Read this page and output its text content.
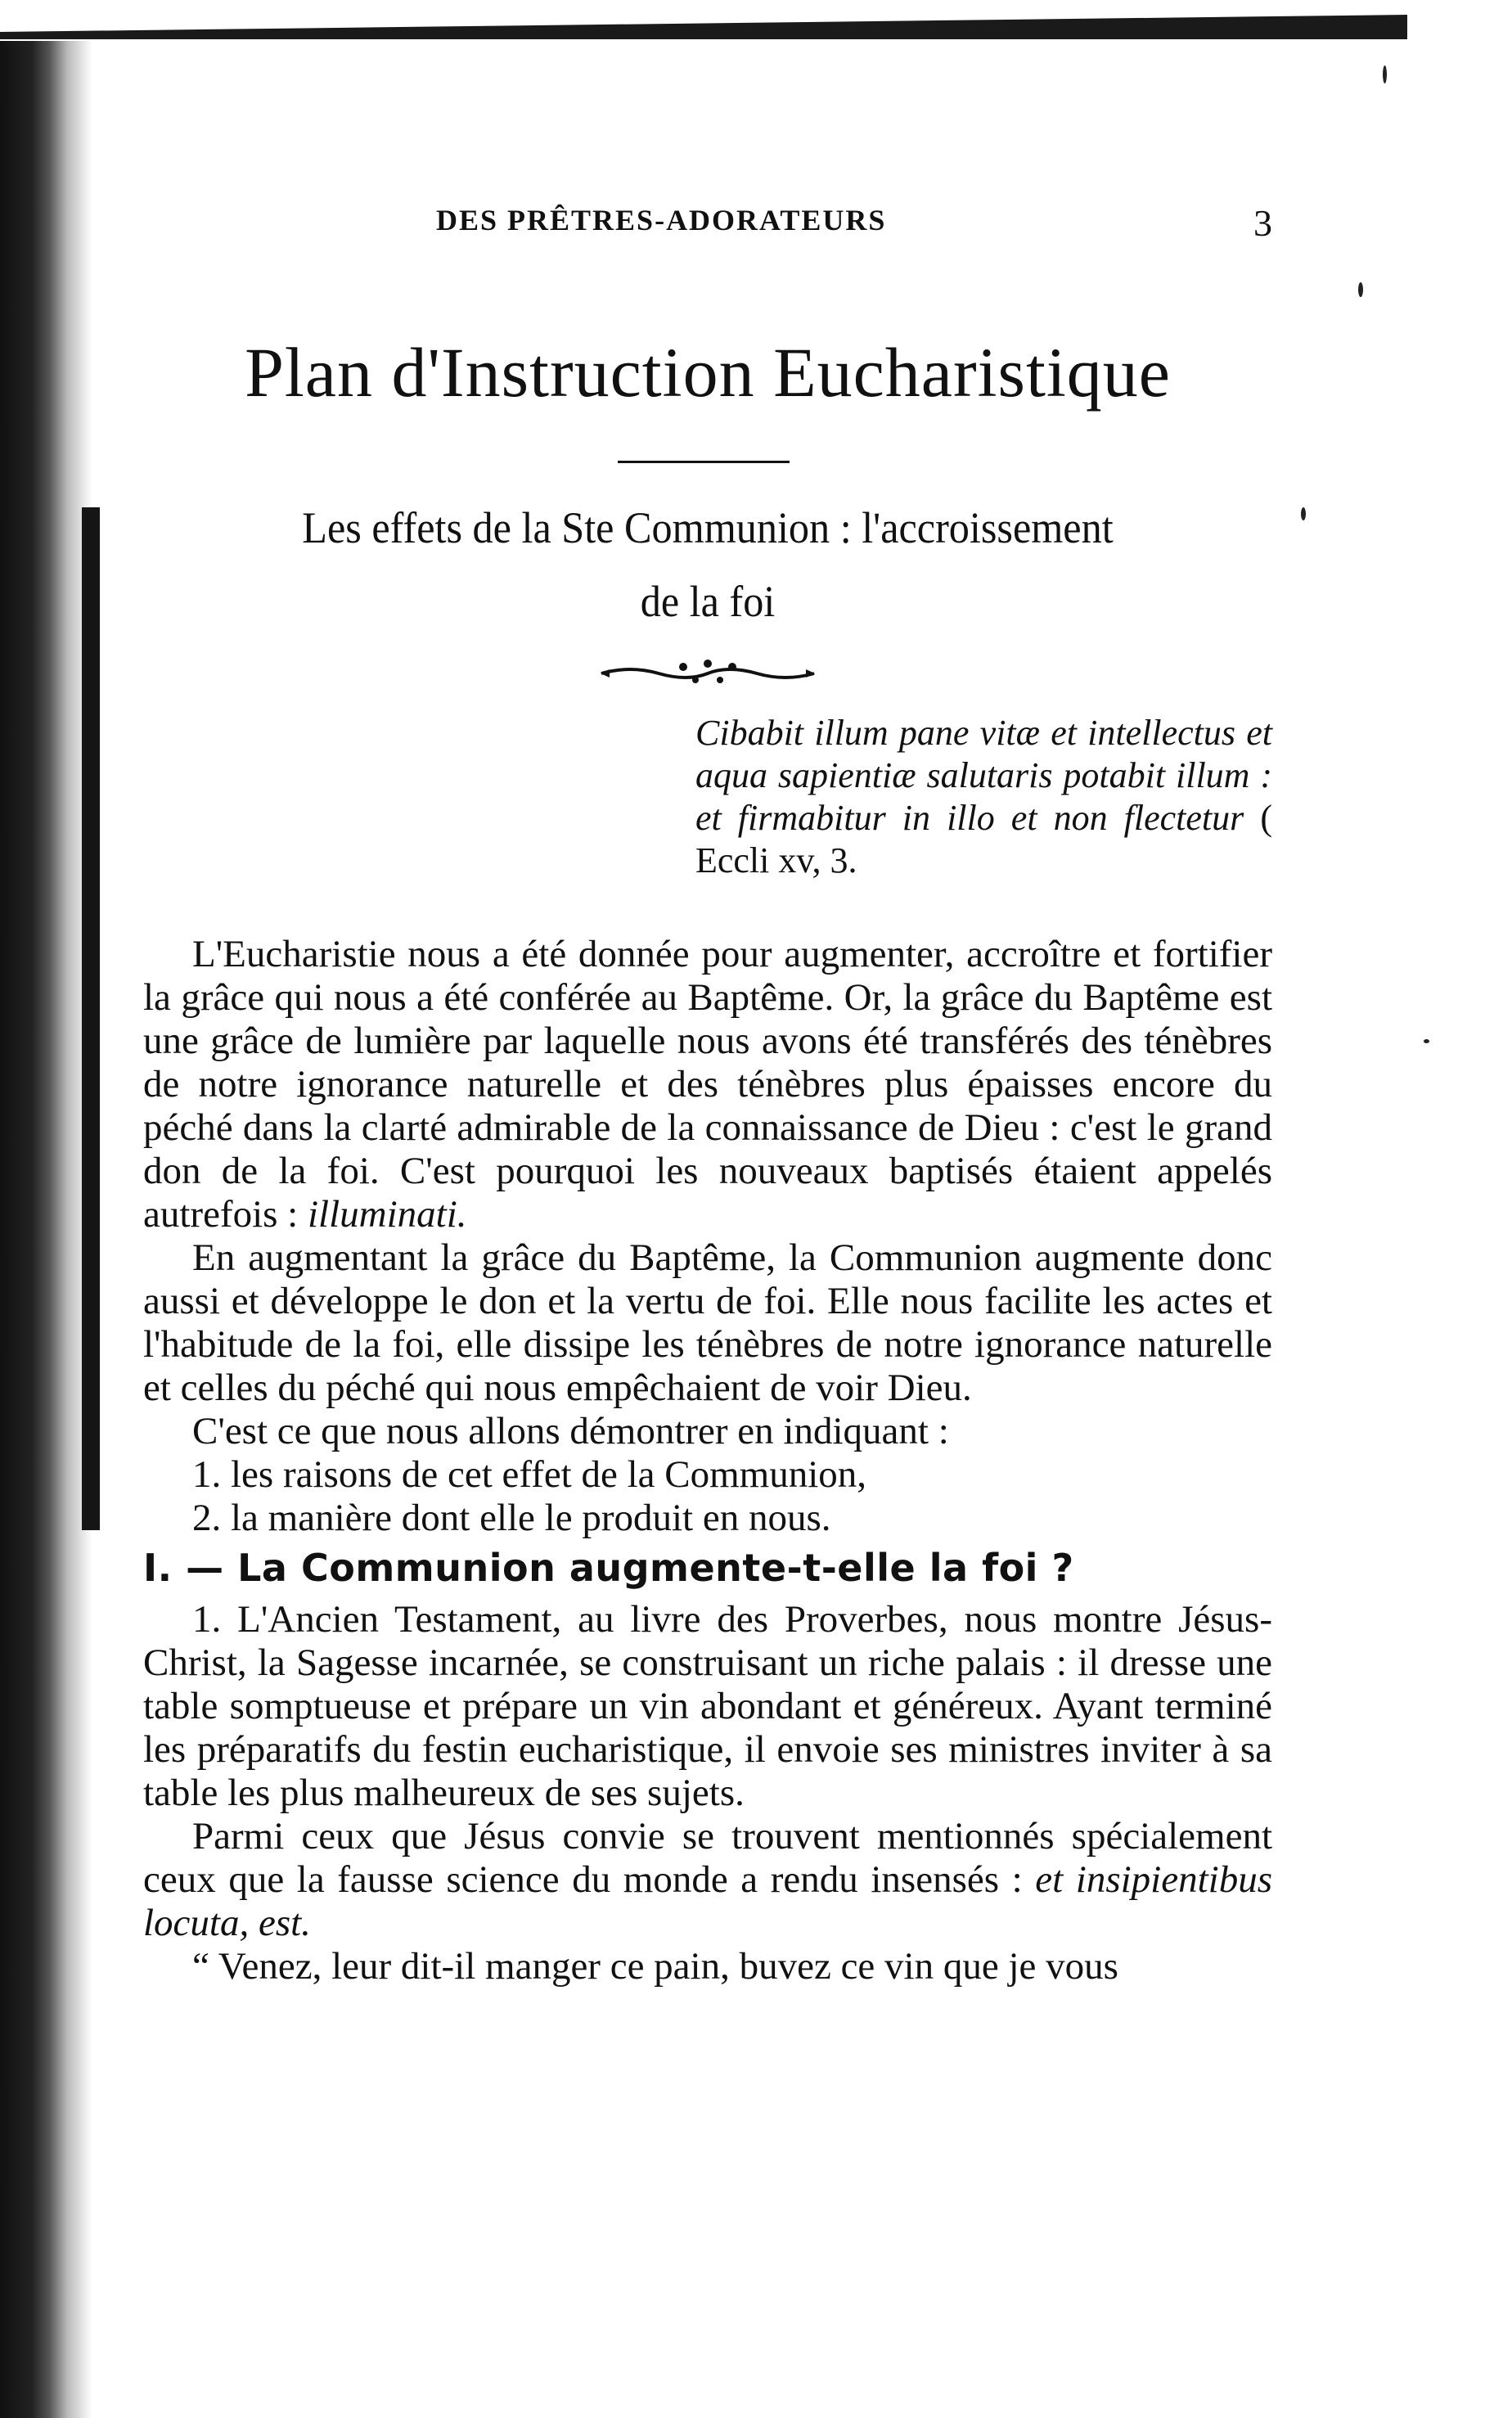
DES PRÊTRES-ADORATEURS	3
Plan d'Instruction Eucharistique
Les effets de la Ste Communion : l'accroissement
de la foi

Cibabit illum pane vitæ et intellectus et aqua sapientiæ salutaris potabit illum : et firmabitur in illo et non flectetur ( Eccli xv, 3.

L'Eucharistie nous a été donnée pour augmenter, accroître et fortifier la grâce qui nous a été conférée au Baptême. Or, la grâce du Baptême est une grâce de lumière par laquelle nous avons été transférés des ténèbres de notre ignorance naturelle et des ténèbres plus épaisses encore du péché dans la clarté admirable de la connaissance de Dieu : c'est le grand don de la foi. C'est pourquoi les nouveaux baptisés étaient appelés autrefois : illuminati.

En augmentant la grâce du Baptême, la Communion augmente donc aussi et développe le don et la vertu de foi. Elle nous facilite les actes et l'habitude de la foi, elle dissipe les ténèbres de notre ignorance naturelle et celles du péché qui nous empêchaient de voir Dieu.

C'est ce que nous allons démontrer en indiquant :

1. les raisons de cet effet de la Communion,

2. la manière dont elle le produit en nous.

I. — La Communion augmente-t-elle la foi ?

1. L'Ancien Testament, au livre des Proverbes, nous montre Jésus-Christ, la Sagesse incarnée, se construisant un riche palais : il dresse une table somptueuse et prépare un vin abondant et généreux. Ayant terminé les préparatifs du festin eucharistique, il envoie ses ministres inviter à sa table les plus malheureux de ses sujets.

Parmi ceux que Jésus convie se trouvent mentionnés spécialement ceux que la fausse science du monde a rendu insensés : et insipientibus locuta, est.

“ Venez, leur dit-il manger ce pain, buvez ce vin que je vous
